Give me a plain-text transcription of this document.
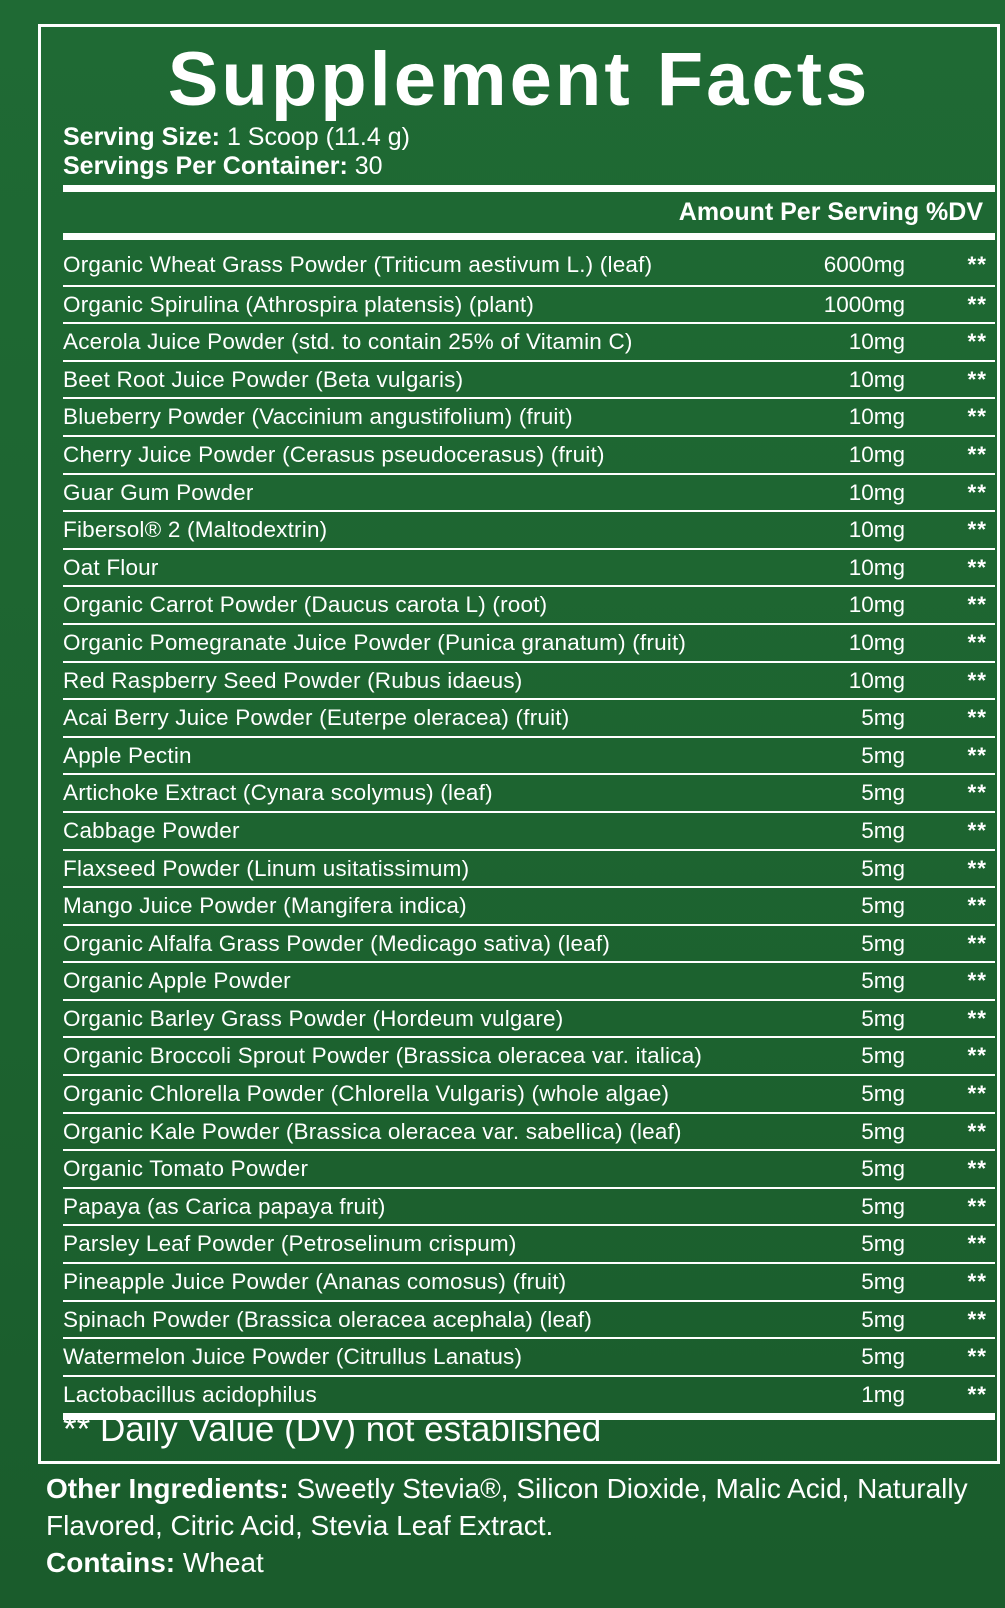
Supplement Facts
Serving Size: 1 Scoop (11.4 g)
Servings Per Container: 30
Amount Per Serving %DV
Organic Wheat Grass Powder (Triticum aestivum L.) (leaf)	6000mg	**
Organic Spirulina (Athrospira platensis) (plant)	1000mg	**
Acerola Juice Powder (std. to contain 25% of Vitamin C)	10mg	**
Beet Root Juice Powder (Beta vulgaris)	10mg	**
Blueberry Powder (Vaccinium angustifolium) (fruit)	10mg	**
Cherry Juice Powder (Cerasus pseudocerasus) (fruit)	10mg	**
Guar Gum Powder	10mg	**
Fibersol® 2 (Maltodextrin)	10mg	**
Oat Flour	10mg	**
Organic Carrot Powder (Daucus carota L) (root)	10mg	**
Organic Pomegranate Juice Powder (Punica granatum) (fruit)	10mg	**
Red Raspberry Seed Powder (Rubus idaeus)	10mg	**
Acai Berry Juice Powder (Euterpe oleracea) (fruit)	5mg	**
Apple Pectin	5mg	**
Artichoke Extract (Cynara scolymus) (leaf)	5mg	**
Cabbage Powder	5mg	**
Flaxseed Powder (Linum usitatissimum)	5mg	**
Mango Juice Powder (Mangifera indica)	5mg	**
Organic Alfalfa Grass Powder (Medicago sativa) (leaf)	5mg	**
Organic Apple Powder	5mg	**
Organic Barley Grass Powder (Hordeum vulgare)	5mg	**
Organic Broccoli Sprout Powder (Brassica oleracea var. italica)	5mg	**
Organic Chlorella Powder (Chlorella Vulgaris) (whole algae)	5mg	**
Organic Kale Powder (Brassica oleracea var. sabellica) (leaf)	5mg	**
Organic Tomato Powder	5mg	**
Papaya (as Carica papaya fruit)	5mg	**
Parsley Leaf Powder (Petroselinum crispum)	5mg	**
Pineapple Juice Powder (Ananas comosus) (fruit)	5mg	**
Spinach Powder (Brassica oleracea acephala) (leaf)	5mg	**
Watermelon Juice Powder (Citrullus Lanatus)	5mg	**
Lactobacillus acidophilus	1mg	**
** Daily Value (DV) not established
Other Ingredients: Sweetly Stevia®, Silicon Dioxide, Malic Acid, Naturally Flavored, Citric Acid, Stevia Leaf Extract.
Contains: Wheat
